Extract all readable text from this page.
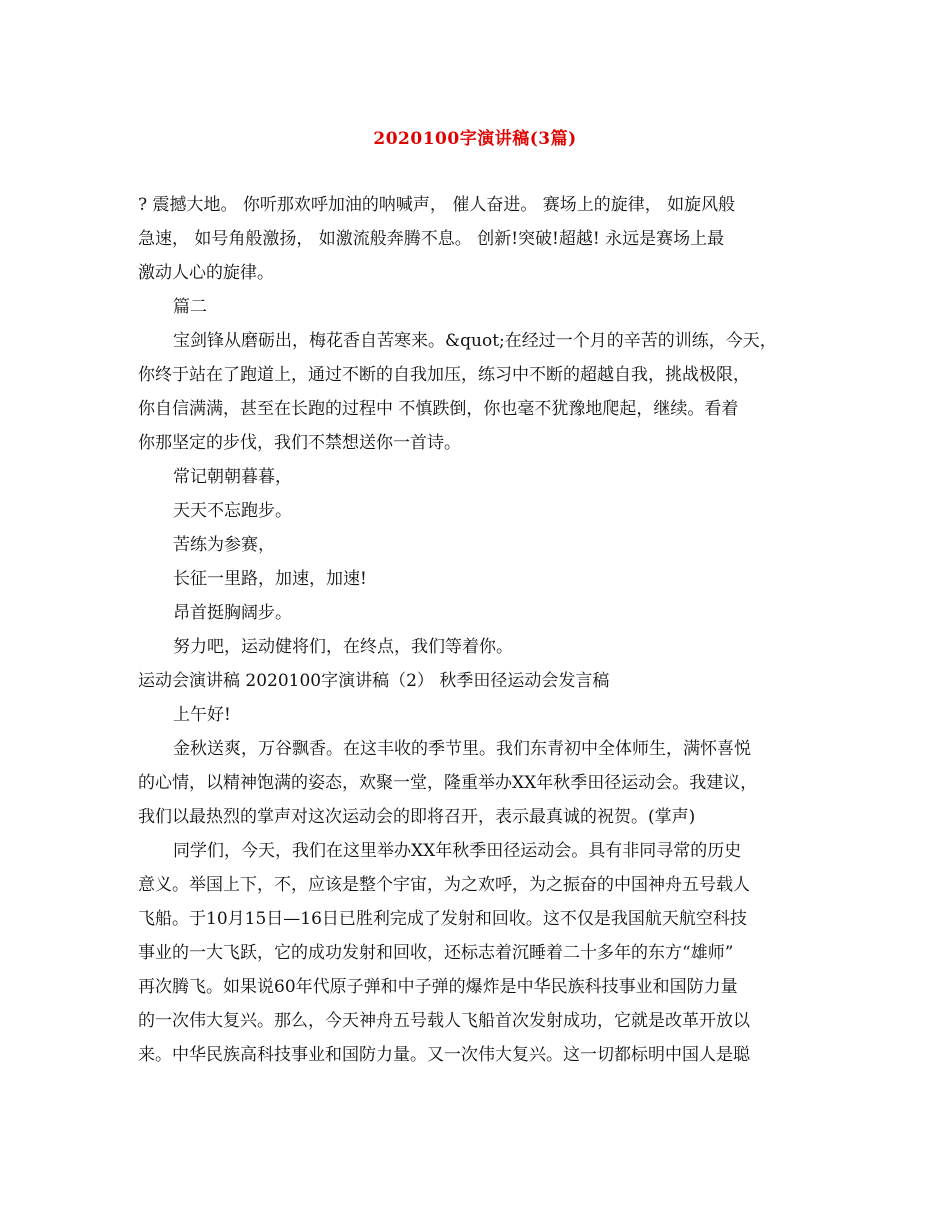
2020100字演讲稿(3篇)
? 震撼大地。 你听那欢呼加油的呐喊声， 催人奋进。 赛场上的旋律， 如旋风般
急速， 如号角般激扬， 如激流般奔腾不息。 创新!突破!超越! 永远是赛场上最
激动人心的旋律。
篇二
宝剑锋从磨砺出，梅花香自苦寒来。&quot;在经过一个月的辛苦的训练，今天，
你终于站在了跑道上，通过不断的自我加压，练习中不断的超越自我，挑战极限，
你自信满满，甚至在长跑的过程中 不慎跌倒，你也毫不犹豫地爬起，继续。看着
你那坚定的步伐，我们不禁想送你一首诗。
常记朝朝暮暮，
天天不忘跑步。
苦练为参赛，
长征一里路，加速，加速!
昂首挺胸阔步。
努力吧，运动健将们，在终点，我们等着你。
运动会演讲稿 2020100字演讲稿（2） 秋季田径运动会发言稿
上午好!
金秋送爽，万谷飘香。在这丰收的季节里。我们东青初中全体师生，满怀喜悦
的心情，以精神饱满的姿态，欢聚一堂，隆重举办XX年秋季田径运动会。我建议，
我们以最热烈的掌声对这次运动会的即将召开，表示最真诚的祝贺。(掌声)
同学们，今天，我们在这里举办XX年秋季田径运动会。具有非同寻常的历史
意义。举国上下，不，应该是整个宇宙，为之欢呼，为之振奋的中国神舟五号载人
飞船。于10月15日—16日已胜利完成了发射和回收。这不仅是我国航天航空科技
事业的一大飞跃，它的成功发射和回收，还标志着沉睡着二十多年的东方“雄师”
再次腾飞。如果说60年代原子弹和中子弹的爆炸是中华民族科技事业和国防力量
的一次伟大复兴。那么，今天神舟五号载人飞船首次发射成功，它就是改革开放以
来。中华民族高科技事业和国防力量。又一次伟大复兴。这一切都标明中国人是聪
